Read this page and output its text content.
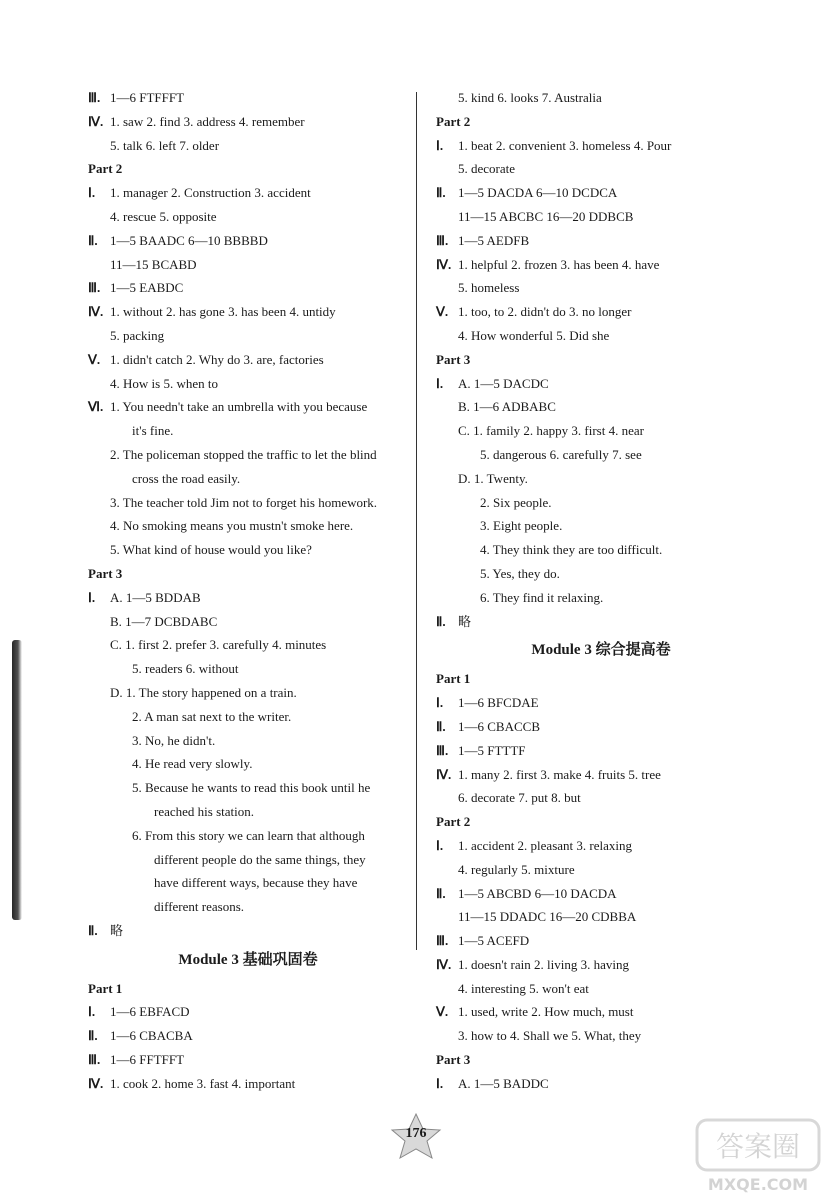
Ⅲ. 1—6 FTFFFT
Ⅳ. 1. saw 2. find 3. address 4. remember
5. talk 6. left 7. older
Part 2
Ⅰ. 1. manager 2. Construction 3. accident
4. rescue 5. opposite
Ⅱ. 1—5 BAADC 6—10 BBBBD
11—15 BCABD
Ⅲ. 1—5 EABDC
Ⅳ. 1. without 2. has gone 3. has been 4. untidy
5. packing
Ⅴ. 1. didn't catch 2. Why do 3. are, factories
4. How is 5. when to
Ⅵ. 1. You needn't take an umbrella with you because
it's fine.
2. The policeman stopped the traffic to let the blind
cross the road easily.
3. The teacher told Jim not to forget his homework.
4. No smoking means you mustn't smoke here.
5. What kind of house would you like?
Part 3
Ⅰ. A. 1—5 BDDAB
B. 1—7 DCBDABC
C. 1. first 2. prefer 3. carefully 4. minutes
5. readers 6. without
D. 1. The story happened on a train.
2. A man sat next to the writer.
3. No, he didn't.
4. He read very slowly.
5. Because he wants to read this book until he
reached his station.
6. From this story we can learn that although
different people do the same things, they
have different ways, because they have
different reasons.
Ⅱ. 略
Module 3 基础巩固卷
Part 1
Ⅰ. 1—6 EBFACD
Ⅱ. 1—6 CBACBA
Ⅲ. 1—6 FFTFFT
Ⅳ. 1. cook 2. home 3. fast 4. important
5. kind 6. looks 7. Australia
Part 2
Ⅰ. 1. beat 2. convenient 3. homeless 4. Pour
5. decorate
Ⅱ. 1—5 DACDA 6—10 DCDCA
11—15 ABCBC 16—20 DDBCB
Ⅲ. 1—5 AEDFB
Ⅳ. 1. helpful 2. frozen 3. has been 4. have
5. homeless
Ⅴ. 1. too, to 2. didn't do 3. no longer
4. How wonderful 5. Did she
Part 3
Ⅰ. A. 1—5 DACDC
B. 1—6 ADBABC
C. 1. family 2. happy 3. first 4. near
5. dangerous 6. carefully 7. see
D. 1. Twenty.
2. Six people.
3. Eight people.
4. They think they are too difficult.
5. Yes, they do.
6. They find it relaxing.
Ⅱ. 略
Module 3 综合提高卷
Part 1
Ⅰ. 1—6 BFCDAE
Ⅱ. 1—6 CBACCB
Ⅲ. 1—5 FTTTF
Ⅳ. 1. many 2. first 3. make 4. fruits 5. tree
6. decorate 7. put 8. but
Part 2
Ⅰ. 1. accident 2. pleasant 3. relaxing
4. regularly 5. mixture
Ⅱ. 1—5 ABCBD 6—10 DACDA
11—15 DDADC 16—20 CDBBA
Ⅲ. 1—5 ACEFD
Ⅳ. 1. doesn't rain 2. living 3. having
4. interesting 5. won't eat
Ⅴ. 1. used, write 2. How much, must
3. how to 4. Shall we 5. What, they
Part 3
Ⅰ. A. 1—5 BADDC
176	答案圈
MXQE.COM
